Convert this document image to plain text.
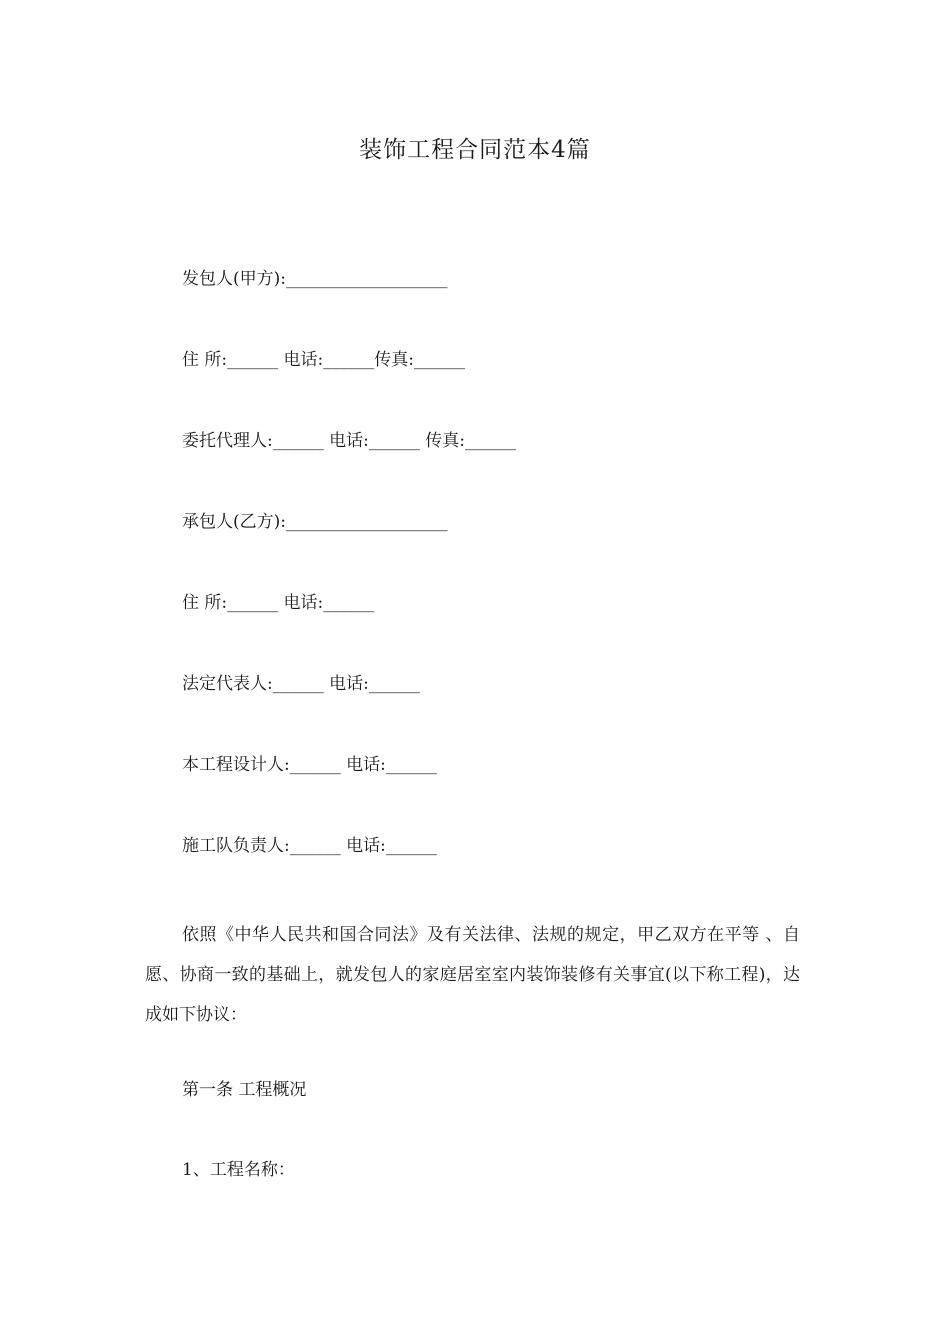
装饰工程合同范本4篇
发包人(甲方):___________________
住 所:______ 电话:______传真:______
委托代理人:______ 电话:______ 传真:______
承包人(乙方):___________________
住 所:______ 电话:______
法定代表人:______ 电话:______
本工程设计人:______ 电话:______
施工队负责人:______ 电话:______
依照《中华人民共和国合同法》及有关法律、法规的规定，甲乙双方在平等 、自愿、协商一致的基础上，就发包人的家庭居室室内装饰装修有关事宜(以下称工程)，达成如下协议：
第一条 工程概况
1、工程名称：
